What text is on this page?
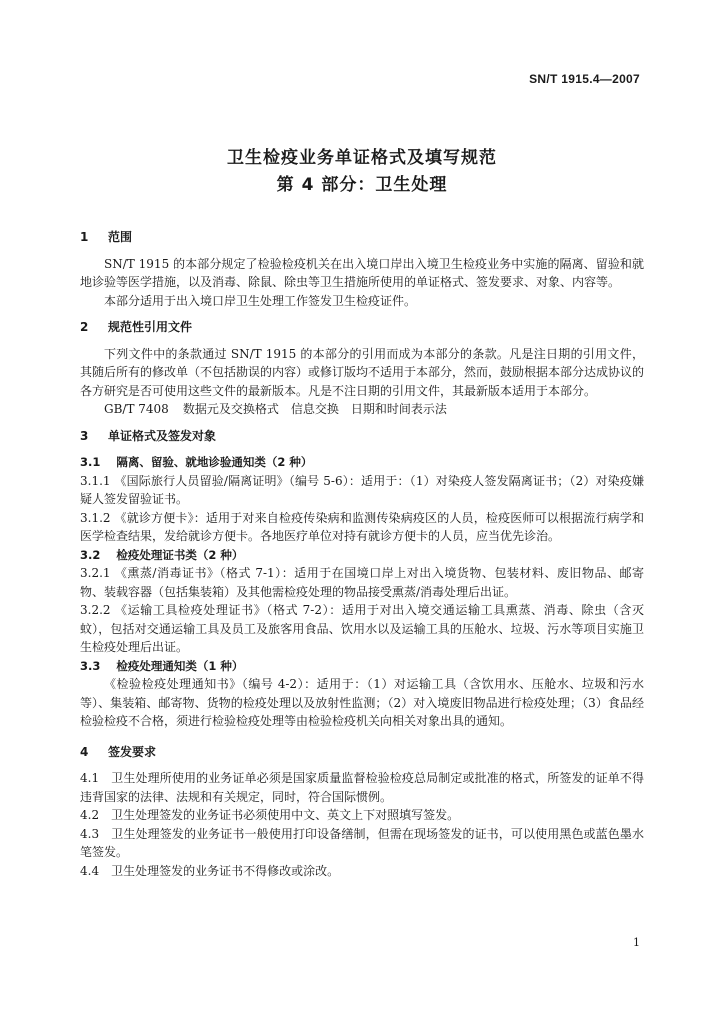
SN/T 1915.4—2007
卫生检疫业务单证格式及填写规范
第 4 部分：卫生处理
1 范围

SN/T 1915 的本部分规定了检验检疫机关在出入境口岸出入境卫生检疫业务中实施的隔离、留验和就地诊验等医学措施，以及消毒、除鼠、除虫等卫生措施所使用的单证格式、签发要求、对象、内容等。

本部分适用于出入境口岸卫生处理工作签发卫生检疫证件。

2 规范性引用文件

下列文件中的条款通过 SN/T 1915 的本部分的引用而成为本部分的条款。凡是注日期的引用文件，其随后所有的修改单（不包括勘误的内容）或修订版均不适用于本部分，然而，鼓励根据本部分达成协议的各方研究是否可使用这些文件的最新版本。凡是不注日期的引用文件，其最新版本适用于本部分。

GB/T 7408 数据元及交换格式　信息交换　日期和时间表示法

3 单证格式及签发对象
3.1 隔离、留验、就地诊验通知类（2 种）

3.1.1 《国际旅行人员留验/隔离证明》（编号 5-6）：适用于：（1）对染疫人签发隔离证书；（2）对染疫嫌疑人签发留验证书。

3.1.2 《就诊方便卡》：适用于对来自检疫传染病和监测传染病疫区的人员，检疫医师可以根据流行病学和医学检查结果，发给就诊方便卡。各地医疗单位对持有就诊方便卡的人员，应当优先诊治。

3.2 检疫处理证书类（2 种）

3.2.1 《熏蒸/消毒证书》（格式 7-1）：适用于在国境口岸上对出入境货物、包装材料、废旧物品、邮寄物、装载容器（包括集装箱）及其他需检疫处理的物品接受熏蒸/消毒处理后出证。

3.2.2 《运输工具检疫处理证书》（格式 7-2）：适用于对出入境交通运输工具熏蒸、消毒、除虫（含灭蚊），包括对交通运输工具及员工及旅客用食品、饮用水以及运输工具的压舱水、垃圾、污水等项目实施卫生检疫处理后出证。

3.3 检疫处理通知类（1 种）

《检验检疫处理通知书》（编号 4-2）：适用于：（1）对运输工具（含饮用水、压舱水、垃圾和污水等）、集装箱、邮寄物、货物的检疫处理以及放射性监测；（2）对入境废旧物品进行检疫处理；（3）食品经检验检疫不合格，须进行检验检疫处理等由检验检疫机关向相关对象出具的通知。

4 签发要求

4.1　卫生处理所使用的业务证单必须是国家质量监督检验检疫总局制定或批准的格式，所签发的证单不得违背国家的法律、法规和有关规定，同时，符合国际惯例。

4.2　卫生处理签发的业务证书必须使用中文、英文上下对照填写签发。

4.3　卫生处理签发的业务证书一般使用打印设备缮制，但需在现场签发的证书，可以使用黑色或蓝色墨水笔签发。

4.4　卫生处理签发的业务证书不得修改或涂改。

1
